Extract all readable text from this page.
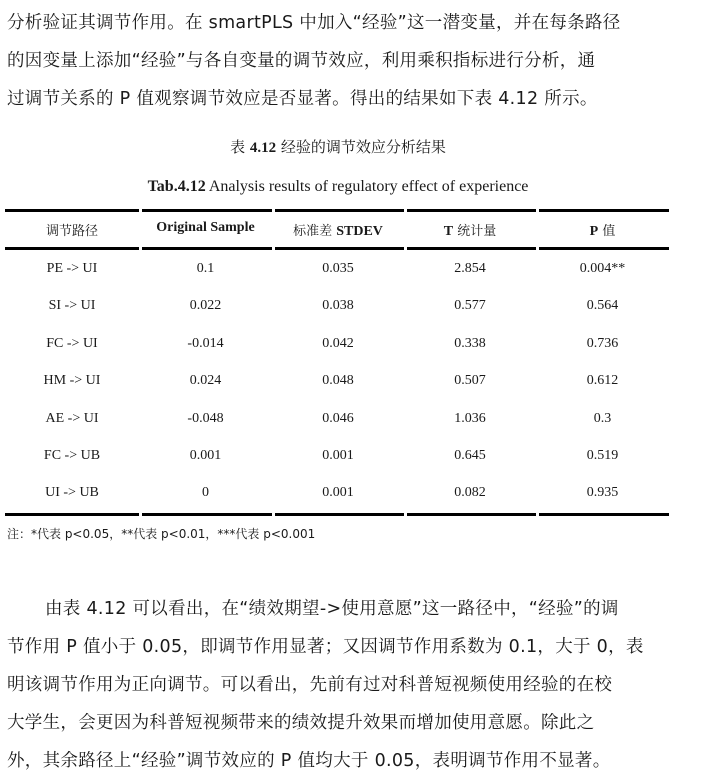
分析验证其调节作用。在 smartPLS 中加入“经验”这一潜变量，并在每条路径
的因变量上添加“经验”与各自变量的调节效应，利用乘积指标进行分析，通
过调节关系的 P 值观察调节效应是否显著。得出的结果如下表 4.12 所示。
表 4.12 经验的调节效应分析结果
Tab.4.12 Analysis results of regulatory effect of experience
调节路径	Original Sample	标准差 STDEV	T 统计量	P 值
PE -> UI	0.1	0.035	2.854	0.004**
SI -> UI	0.022	0.038	0.577	0.564
FC -> UI	-0.014	0.042	0.338	0.736
HM -> UI	0.024	0.048	0.507	0.612
AE -> UI	-0.048	0.046	1.036	0.3
FC -> UB	0.001	0.001	0.645	0.519
UI -> UB	0	0.001	0.082	0.935
注：*代表 p<0.05，**代表 p<0.01，***代表 p<0.001
由表 4.12 可以看出，在“绩效期望->使用意愿”这一路径中，“经验”的调
节作用 P 值小于 0.05，即调节作用显著；又因调节作用系数为 0.1，大于 0，表
明该调节作用为正向调节。可以看出，先前有过对科普短视频使用经验的在校
大学生，会更因为科普短视频带来的绩效提升效果而增加使用意愿。除此之
外，其余路径上“经验”调节效应的 P 值均大于 0.05，表明调节作用不显著。
